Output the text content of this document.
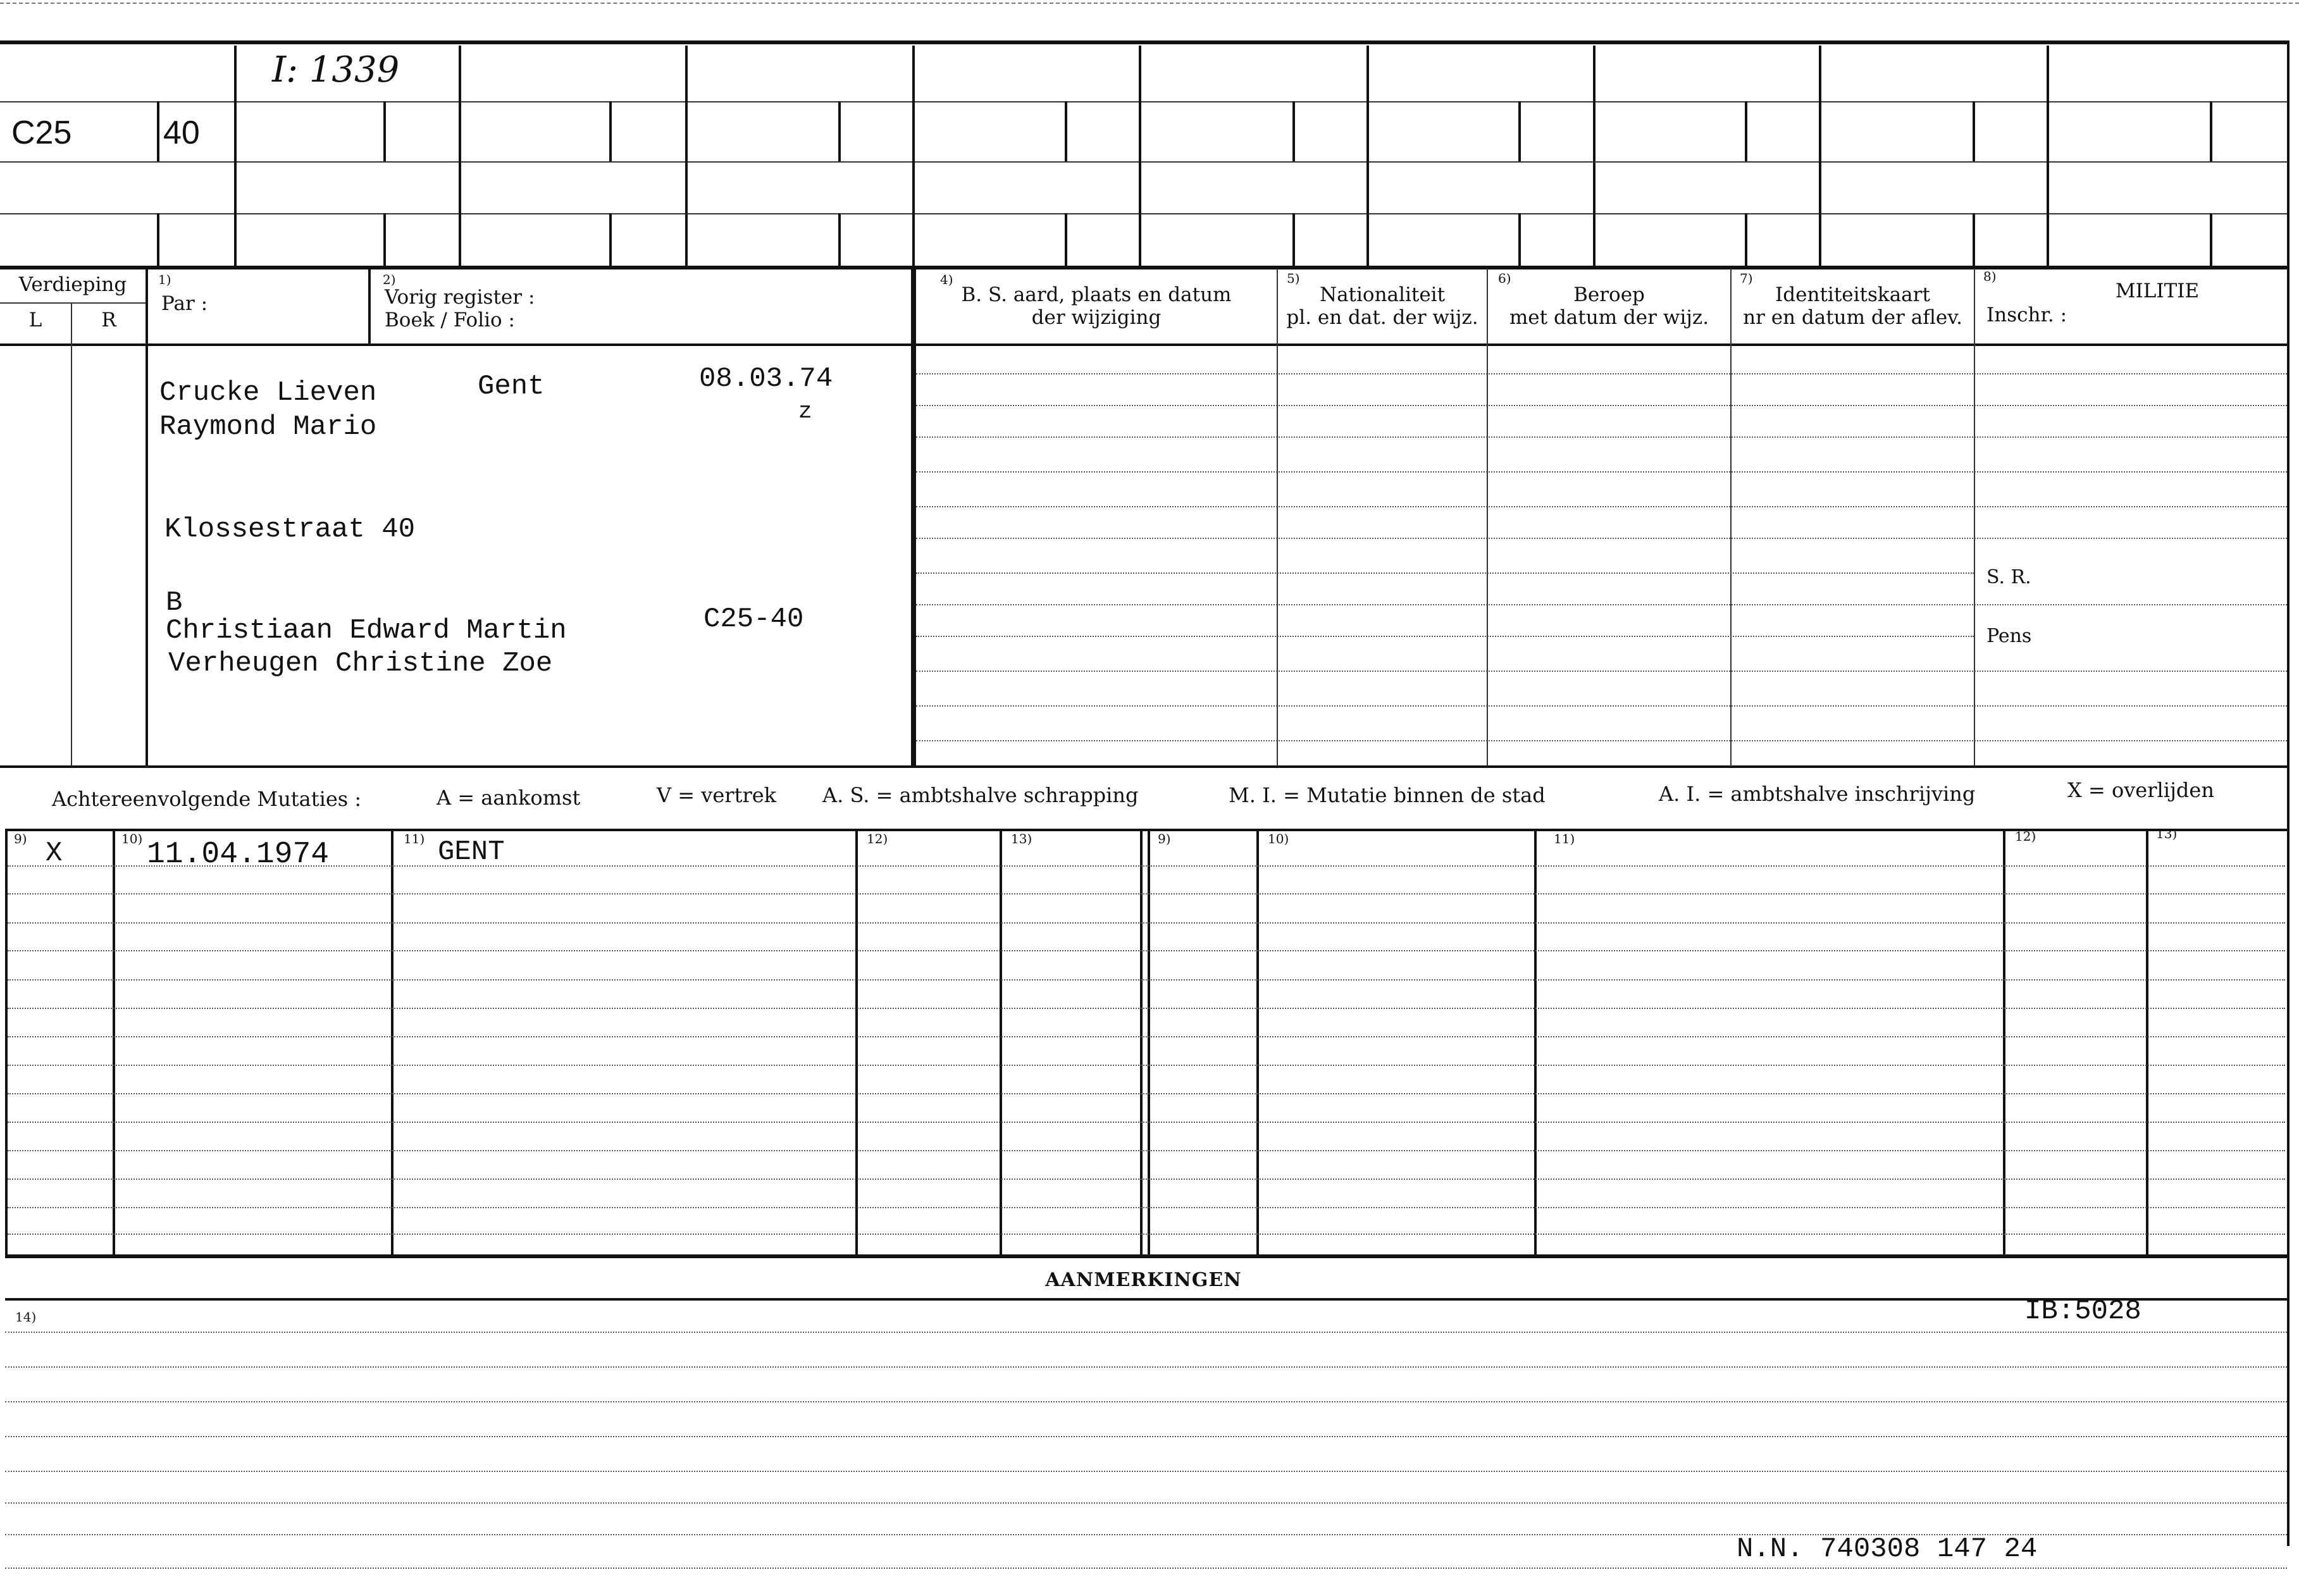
C25	40
I: 1339
Verdieping
L	R
1)
Par :
2)
Vorig register :
Boek / Folio :
4)
B. S. aard, plaats en datum
der wijziging
5)
Nationaliteit
pl. en dat. der wijz.
6)
Beroep
met datum der wijz.
7)
Identiteitskaart
nr en datum der aflev.
8)
MILITIE
Inschr. :
S. R.
Pens
Crucke Lieven
Raymond Mario
Gent	08.03.74
z
Klossestraat 40
B
Christiaan Edward Martin
Verheugen Christine Zoe
C25-40
Achtereenvolgende Mutaties :	A = aankomst	V = vertrek A. S. = ambtshalve schrapping	M. I. = Mutatie binnen de stad	A. I. = ambtshalve inschrijving	X = overlijden
9)	10)	11)	12)	13)	9)	10)	11)	12)	13)
X	11.04.1974	GENT
AANMERKINGEN
14)	IB:5028
N.N. 740308 147 24
